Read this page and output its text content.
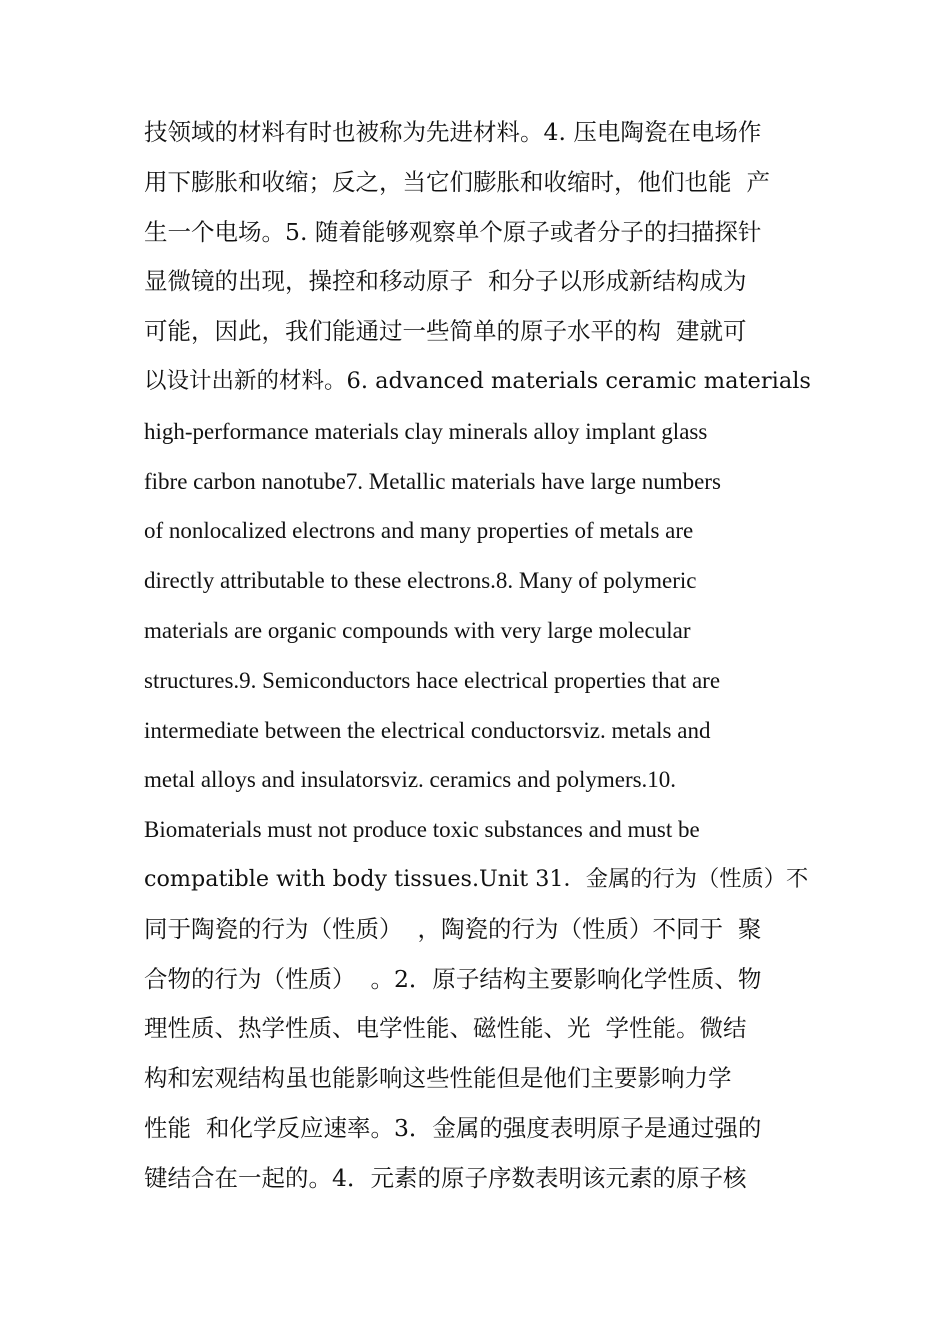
技领域的材料有时也被称为先进材料。4. 压电陶瓷在电场作
用下膨胀和收缩；反之，当它们膨胀和收缩时，他们也能  产
生一个电场。5. 随着能够观察单个原子或者分子的扫描探针
显微镜的出现，操控和移动原子  和分子以形成新结构成为
可能，因此，我们能通过一些简单的原子水平的构  建就可
以设计出新的材料。6. advanced materials ceramic materials
high-performance materials clay minerals alloy implant glass
fibre carbon nanotube7. Metallic materials have large numbers
of nonlocalized electrons and many properties of metals are
directly attributable to these electrons.8. Many of polymeric
materials are organic compounds with very large molecular
structures.9. Semiconductors hace electrical properties that are
intermediate between the electrical conductorsviz. metals and
metal alloys and insulatorsviz. ceramics and polymers.10.
Biomaterials must not produce toxic substances and must be
compatible with body tissues.Unit 31．金属的行为（性质）不
同于陶瓷的行为（性质）  ，陶瓷的行为（性质）不同于  聚
合物的行为（性质）  。2．原子结构主要影响化学性质、物
理性质、热学性质、电学性能、磁性能、光  学性能。微结
构和宏观结构虽也能影响这些性能但是他们主要影响力学
性能  和化学反应速率。3．金属的强度表明原子是通过强的
键结合在一起的。4．元素的原子序数表明该元素的原子核
